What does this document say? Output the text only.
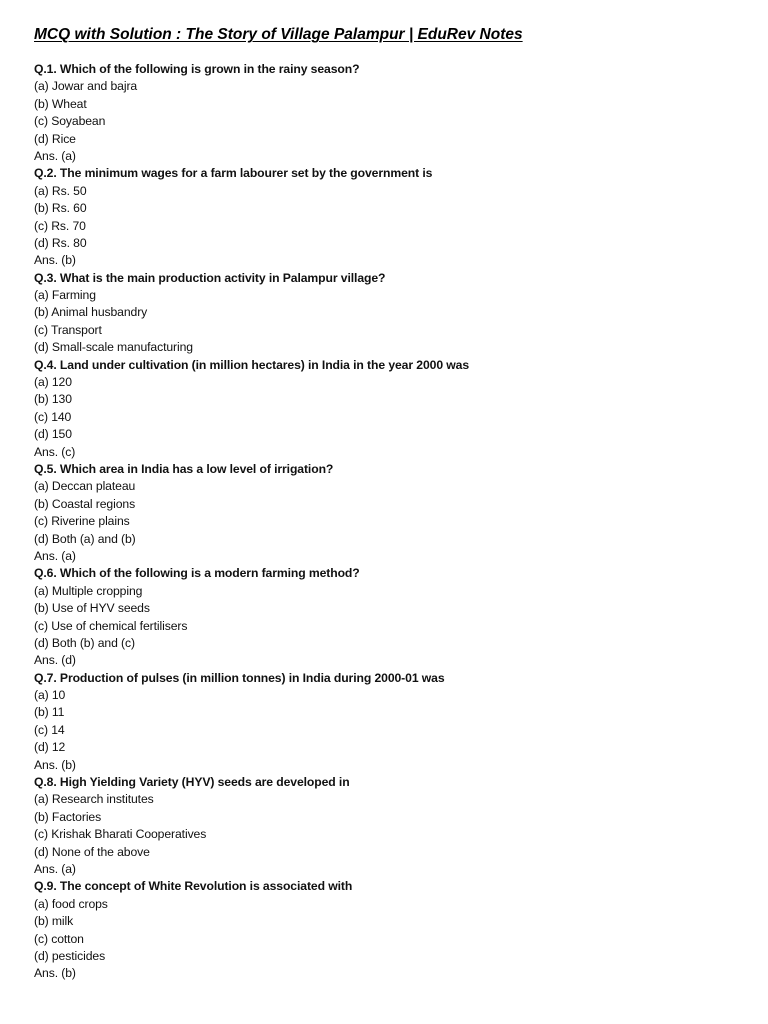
MCQ with Solution : The Story of Village Palampur | EduRev Notes
Q.1. Which of the following is grown in the rainy season?
(a) Jowar and bajra
(b) Wheat
(c) Soyabean
(d) Rice
Ans. (a)
Q.2. The minimum wages for a farm labourer set by the government is
(a) Rs. 50
(b) Rs. 60
(c) Rs. 70
(d) Rs. 80
Ans. (b)
Q.3. What is the main production activity in Palampur village?
(a) Farming
(b) Animal husbandry
(c) Transport
(d) Small-scale manufacturing
Q.4. Land under cultivation (in million hectares) in India in the year 2000 was
(a) 120
(b) 130
(c) 140
(d) 150
Ans. (c)
Q.5. Which area in India has a low level of irrigation?
(a) Deccan plateau
(b) Coastal regions
(c) Riverine plains
(d) Both (a) and (b)
Ans. (a)
Q.6. Which of the following is a modern farming method?
(a) Multiple cropping
(b) Use of HYV seeds
(c) Use of chemical fertilisers
(d) Both (b) and (c)
Ans. (d)
Q.7. Production of pulses (in million tonnes) in India during 2000-01 was
(a) 10
(b) 11
(c) 14
(d) 12
Ans. (b)
Q.8. High Yielding Variety (HYV) seeds are developed in
(a) Research institutes
(b) Factories
(c) Krishak Bharati Cooperatives
(d) None of the above
Ans. (a)
Q.9. The concept of White Revolution is associated with
(a) food crops
(b) milk
(c) cotton
(d) pesticides
Ans. (b)
